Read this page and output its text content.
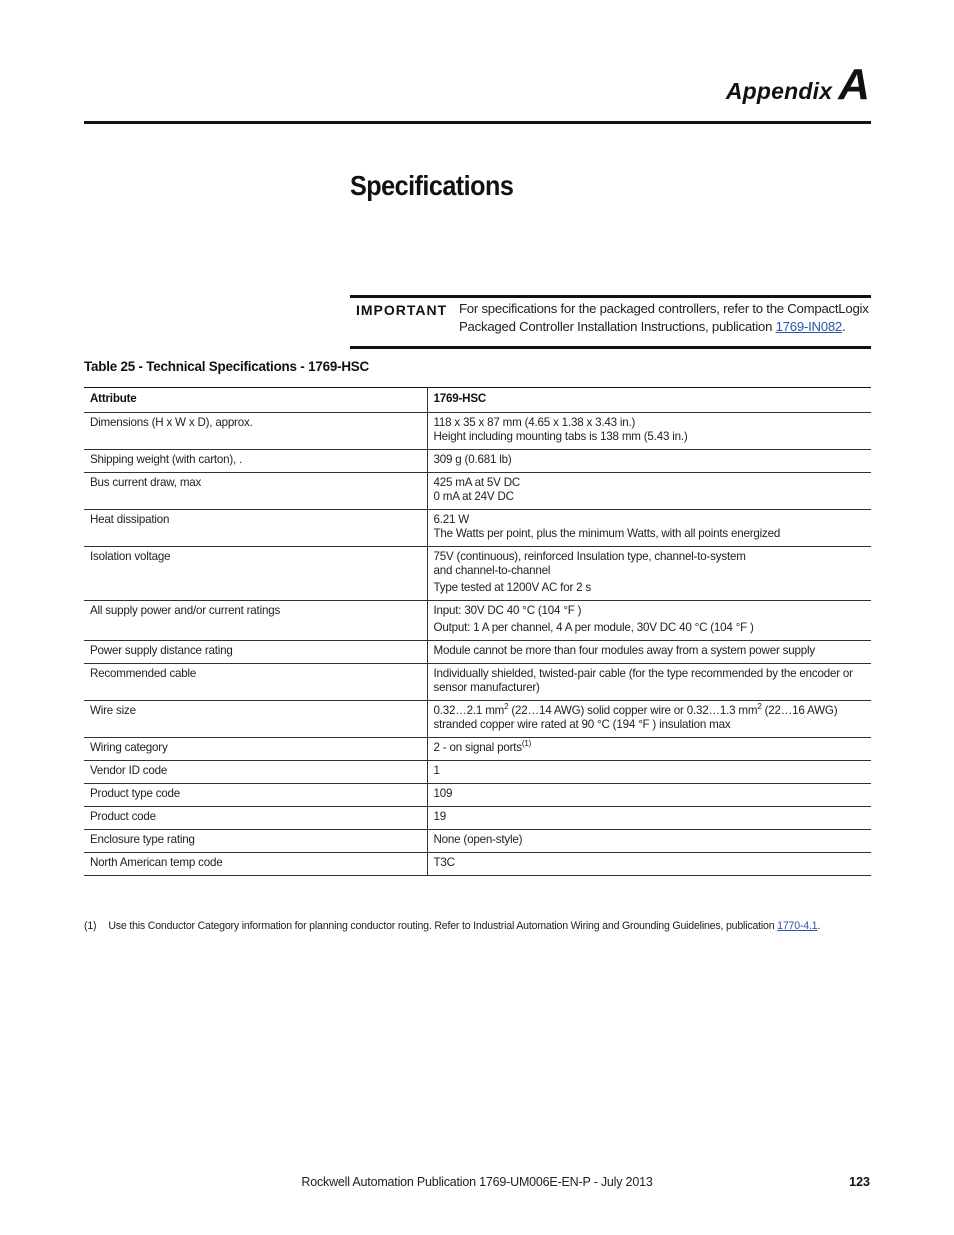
Appendix A
Specifications
IMPORTANT For specifications for the packaged controllers, refer to the CompactLogix Packaged Controller Installation Instructions, publication 1769-IN082.
Table 25 - Technical Specifications - 1769-HSC
Attribute	1769-HSC
Dimensions (H x W x D), approx.	118 x 35 x 87 mm (4.65 x 1.38 x 3.43 in.)
Height including mounting tabs is 138 mm (5.43 in.)

Shipping weight (with carton), .	309 g (0.681 lb)

Bus current draw, max	425 mA at 5V DC
0 mA at 24V DC

Heat dissipation	6.21 W
The Watts per point, plus the minimum Watts, with all points energized

Isolation voltage	75V (continuous), reinforced Insulation type, channel-to-system
and channel-to-channel
Type tested at 1200V AC for 2 s

All supply power and/or current ratings	Input: 30V DC 40 °C (104 °F )
Output: 1 A per channel, 4 A per module, 30V DC 40 °C (104 °F )

Power supply distance rating	Module cannot be more than four modules away from a system power supply

Recommended cable	Individually shielded, twisted-pair cable (for the type recommended by the encoder or sensor manufacturer)

Wire size	0.32…2.1 $mm^2$ (22…14 AWG) solid copper wire or 0.32…1.3 $mm^2$ (22…16 AWG) stranded copper wire rated at 90 °C (194 °F ) insulation max
Wiring category	2 - on signal ports$^{(1)}$
Vendor ID code	1
Product type code	109
Product code	19
Enclosure type rating	None (open-style)
North American temp code	T3C
(1) Use this Conductor Category information for planning conductor routing. Refer to Industrial Automation Wiring and Grounding Guidelines, publication 1770-4.1.
Rockwell Automation Publication 1769-UM006E-EN-P - July 2013	123
